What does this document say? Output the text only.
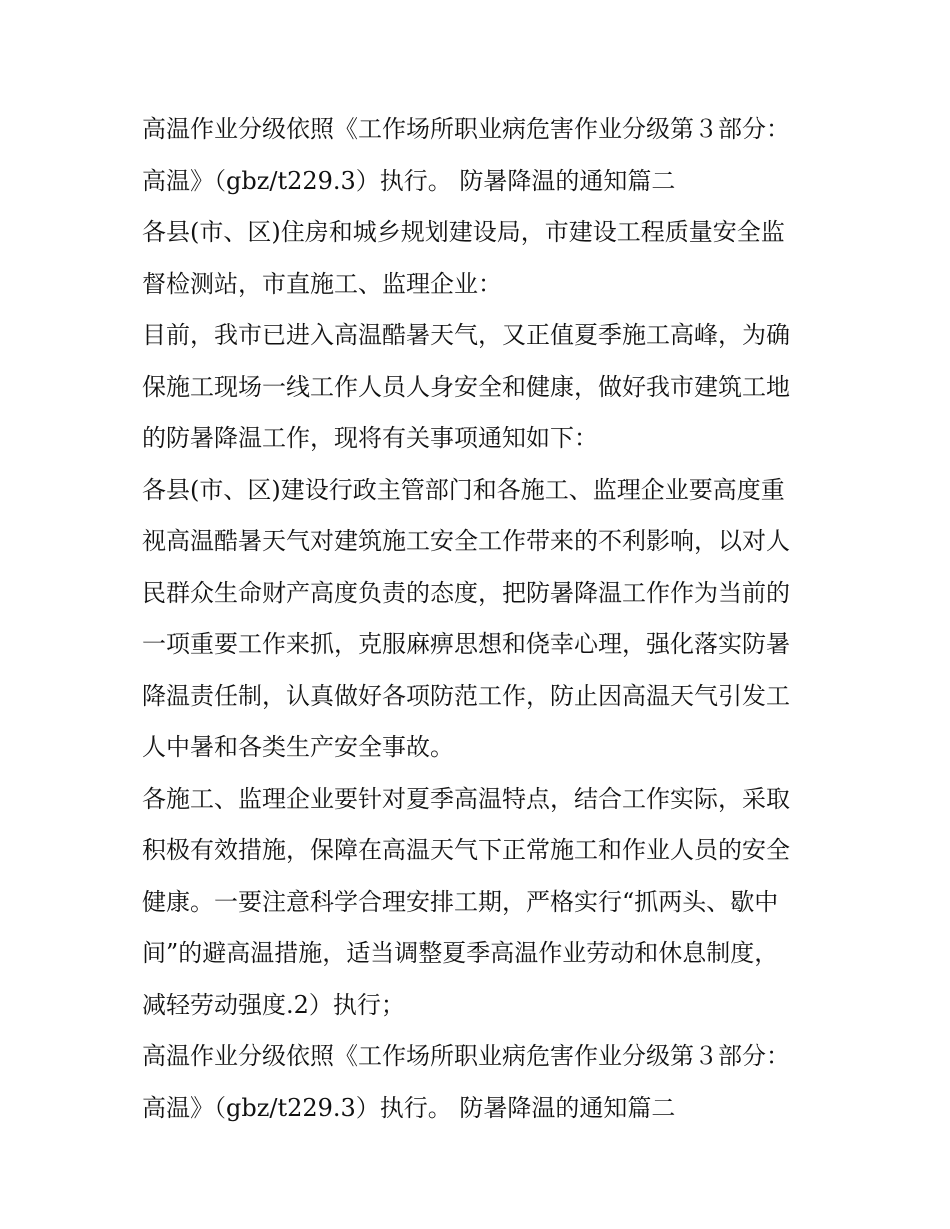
高温作业分级依照《工作场所职业病危害作业分级第３部分：
高温》（gbz/t229.3）执行。 防暑降温的通知篇二
各县(市、区)住房和城乡规划建设局，市建设工程质量安全监
督检测站，市直施工、监理企业：
目前，我市已进入高温酷暑天气，又正值夏季施工高峰，为确
保施工现场一线工作人员人身安全和健康，做好我市建筑工地
的防暑降温工作，现将有关事项通知如下：
各县(市、区)建设行政主管部门和各施工、监理企业要高度重
视高温酷暑天气对建筑施工安全工作带来的不利影响，以对人
民群众生命财产高度负责的态度，把防暑降温工作作为当前的
一项重要工作来抓，克服麻痹思想和侥幸心理，强化落实防暑
降温责任制，认真做好各项防范工作，防止因高温天气引发工
人中暑和各类生产安全事故。
各施工、监理企业要针对夏季高温特点，结合工作实际，采取
积极有效措施，保障在高温天气下正常施工和作业人员的安全
健康。一要注意科学合理安排工期，严格实行“抓两头、歇中
间”的避高温措施，适当调整夏季高温作业劳动和休息制度，
减轻劳动强度.2）执行；
高温作业分级依照《工作场所职业病危害作业分级第３部分：
高温》（gbz/t229.3）执行。 防暑降温的通知篇二
